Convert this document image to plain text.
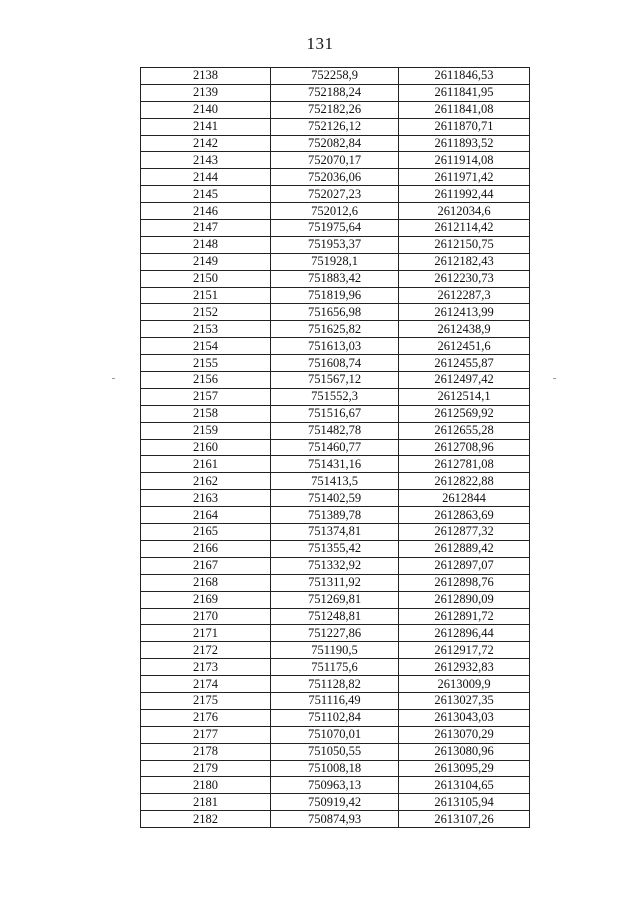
131
2138	752258,9	2611846,53
2139	752188,24	2611841,95
2140	752182,26	2611841,08
2141	752126,12	2611870,71
2142	752082,84	2611893,52
2143	752070,17	2611914,08
2144	752036,06	2611971,42
2145	752027,23	2611992,44
2146	752012,6	2612034,6
2147	751975,64	2612114,42
2148	751953,37	2612150,75
2149	751928,1	2612182,43
2150	751883,42	2612230,73
2151	751819,96	2612287,3
2152	751656,98	2612413,99
2153	751625,82	2612438,9
2154	751613,03	2612451,6
2155	751608,74	2612455,87
2156	751567,12	2612497,42
2157	751552,3	2612514,1
2158	751516,67	2612569,92
2159	751482,78	2612655,28
2160	751460,77	2612708,96
2161	751431,16	2612781,08
2162	751413,5	2612822,88
2163	751402,59	2612844
2164	751389,78	2612863,69
2165	751374,81	2612877,32
2166	751355,42	2612889,42
2167	751332,92	2612897,07
2168	751311,92	2612898,76
2169	751269,81	2612890,09
2170	751248,81	2612891,72
2171	751227,86	2612896,44
2172	751190,5	2612917,72
2173	751175,6	2612932,83
2174	751128,82	2613009,9
2175	751116,49	2613027,35
2176	751102,84	2613043,03
2177	751070,01	2613070,29
2178	751050,55	2613080,96
2179	751008,18	2613095,29
2180	750963,13	2613104,65
2181	750919,42	2613105,94
2182	750874,93	2613107,26
